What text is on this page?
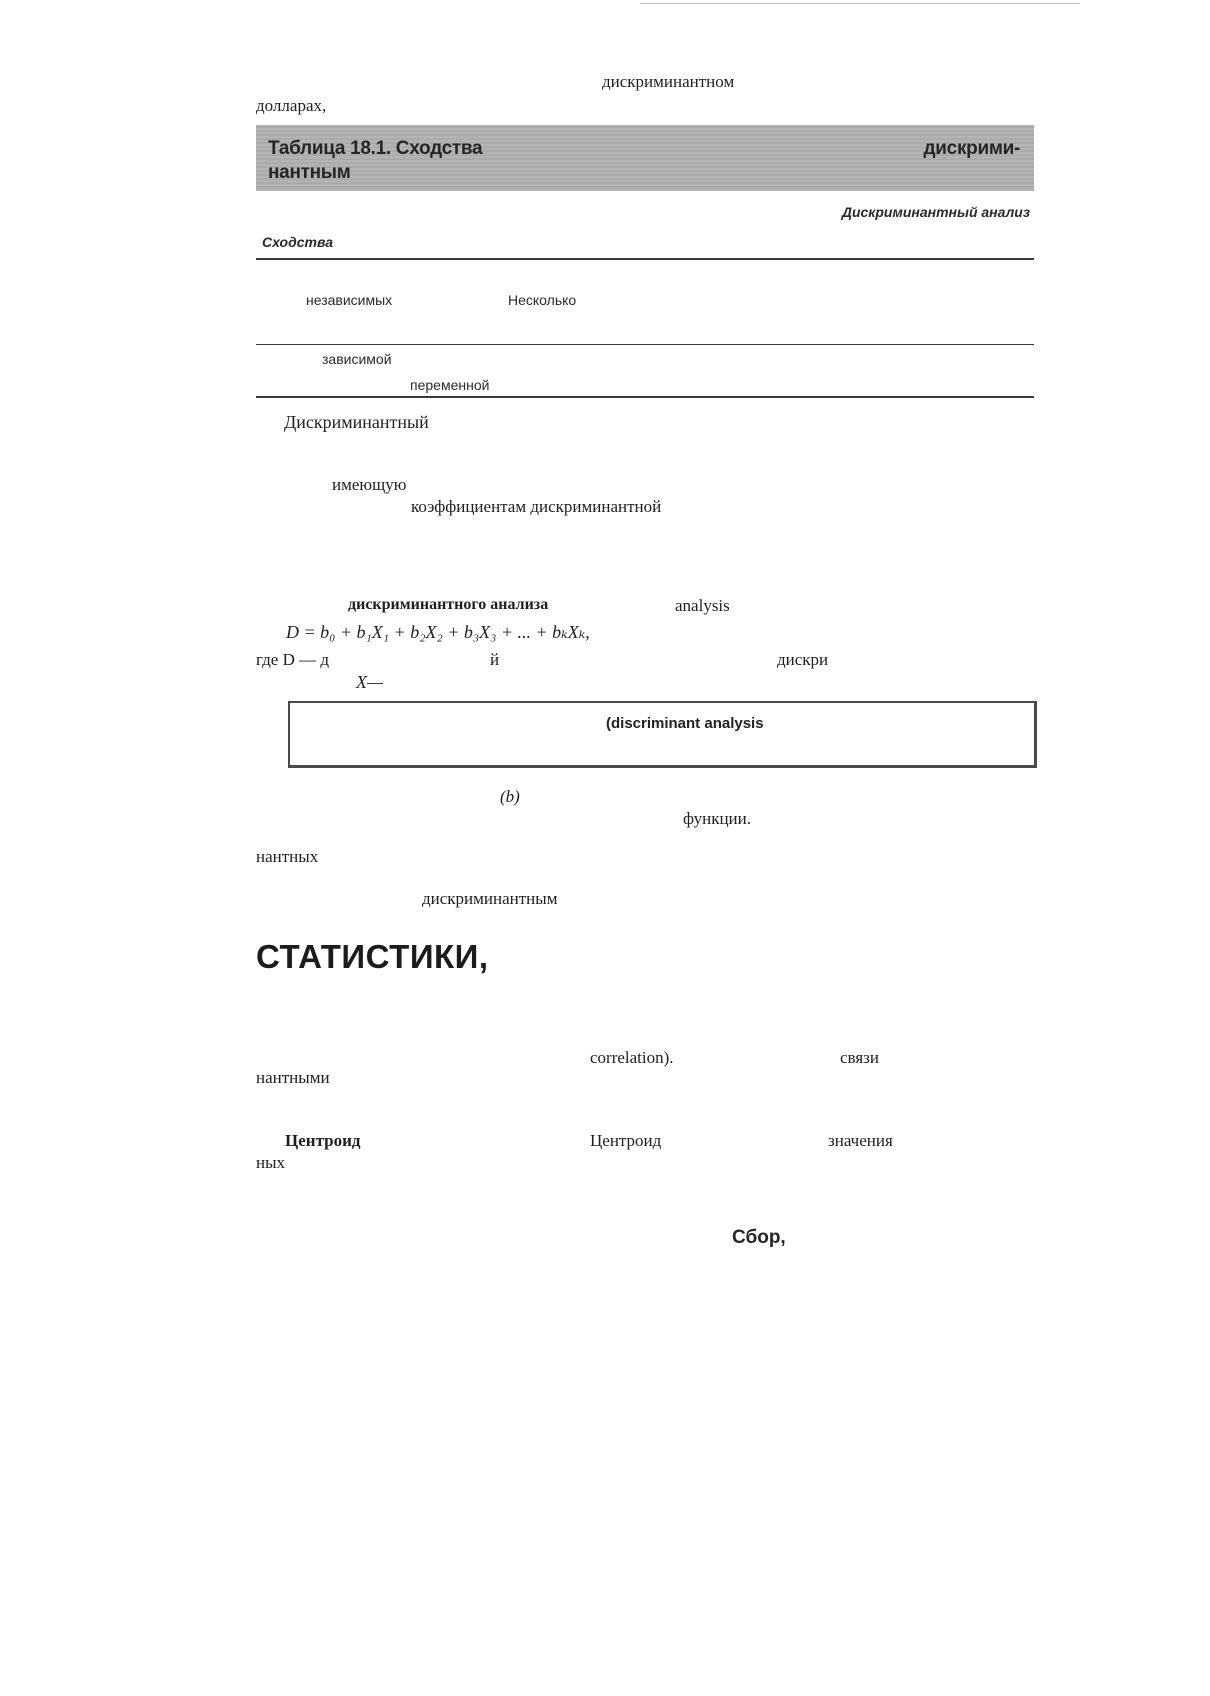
дискриминантном
долларах,
Таблица 18.1. Сходства	дискрими-
нантным
Дискриминантный анализ
Сходства
независимых	Несколько
зависимой
переменной
Дискриминантный
имеющую
коэффициентам дискриминантной
дискриминантного анализа	analysis
D = b₀ + b₁X₁ + b₂X₂ + b₃X₃ + ... + bₖXₖ,
где D — д	й	дискри
X—
(discriminant analysis
(b)
функции.
нантных
дискриминантным
СТАТИСТИКИ,
correlation).	связи
нантными
Центроид	Центроид	значения
ных
Сбор,
